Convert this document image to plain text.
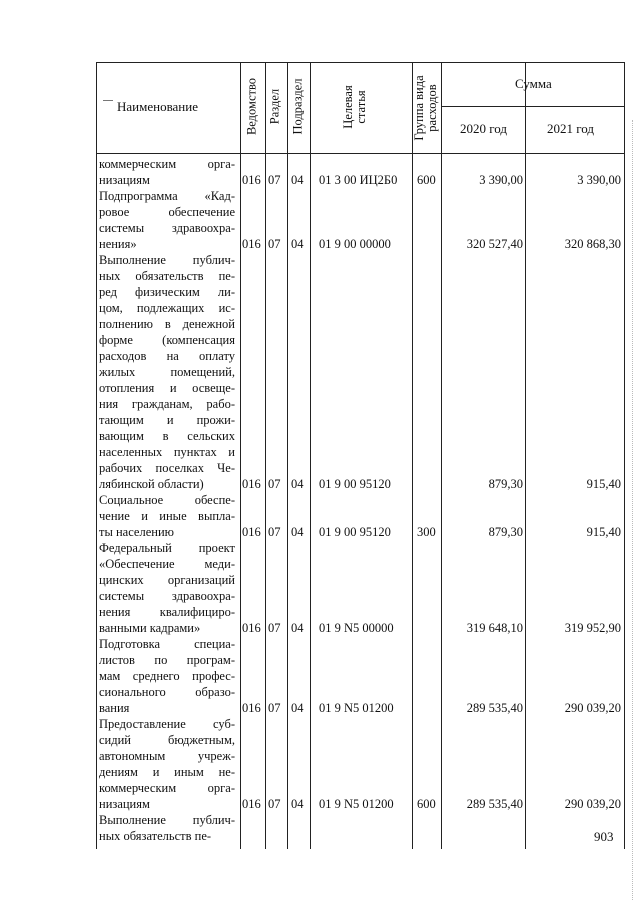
Наименование	Ведомство Раздел Подраздел	Целевая
статья	Группа вида
расходов
Сумма
2020 год	2021 год
коммерческим орга-
низациям	016 07 04 01 3 00 ИЦ2Б0 600	3 390,00	3 390,00
Подпрограмма «Кад-
ровое обеспечение
системы здравоохра-
нения»	016 07 04 01 9 00 00000	320 527,40	320 868,30
Выполнение публич-
ных обязательств пе-
ред физическим ли-
цом, подлежащих ис-
полнению в денежной
форме (компенсация
расходов на оплату
жилых помещений,
отопления и освеще-
ния гражданам, рабо-
тающим и прожи-
вающим в сельских
населенных пунктах и
рабочих поселках Че-
лябинской области)	016 07 04 01 9 00 95120	879,30	915,40
Социальное обеспе-
чение и иные выпла-
ты населению	016 07 04 01 9 00 95120 300	879,30	915,40
Федеральный проект
«Обеспечение меди-
цинских организаций
системы здравоохра-
нения квалифициро-
ванными кадрами»	016 07 04 01 9 N5 00000	319 648,10	319 952,90
Подготовка специа-
листов по програм-
мам среднего профес-
сионального образо-
вания	016 07 04 01 9 N5 01200	289 535,40	290 039,20
Предоставление суб-
сидий бюджетным,
автономным учреж-
дениям и иным не-
коммерческим орга-
низациям	016 07 04 01 9 N5 01200 600	289 535,40	290 039,20
Выполнение публич-
ных обязательств пе-	903
